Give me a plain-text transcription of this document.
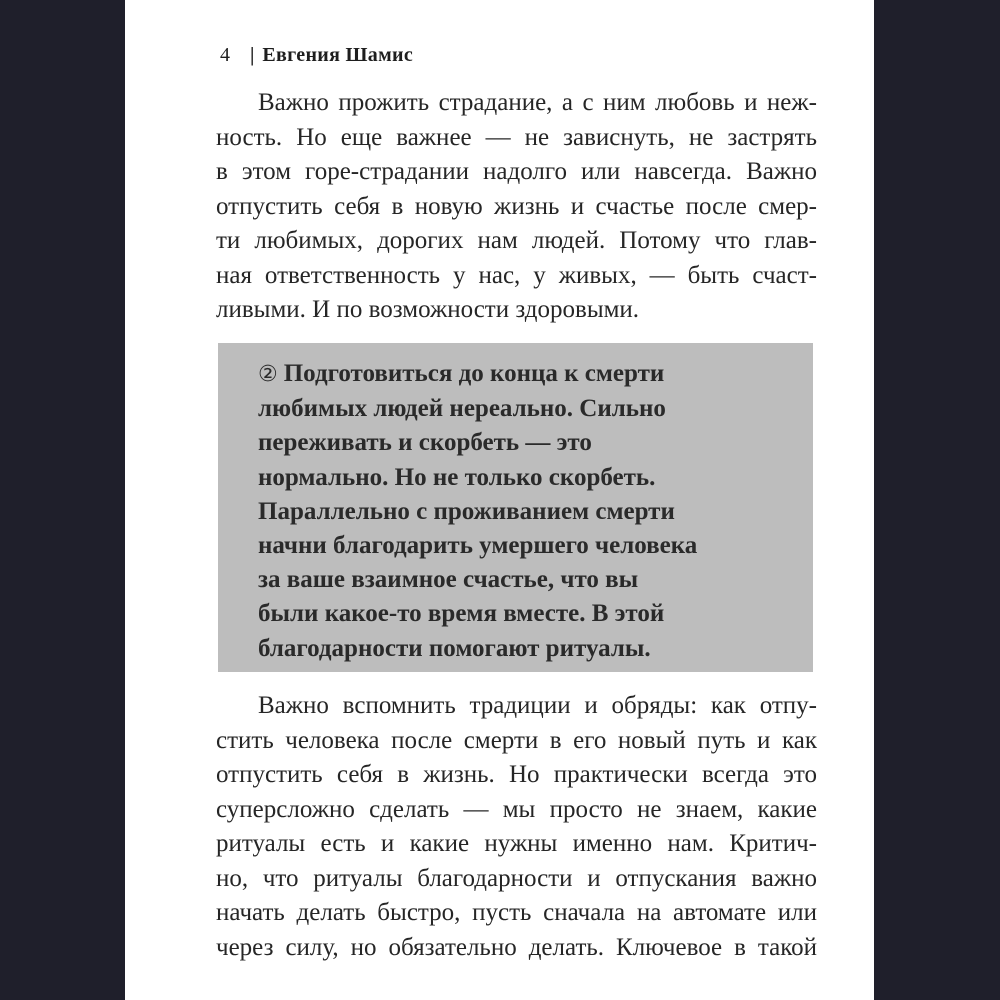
4 | Евгения Шамис

Важно прожить страдание, а с ним любовь и неж-
ность. Но еще важнее — не зависнуть, не застрять
в этом горе-страдании надолго или навсегда. Важно
отпустить себя в новую жизнь и счастье после смер-
ти любимых, дорогих нам людей. Потому что глав-
ная ответственность у нас, у живых, — быть счаст-
ливыми. И по возможности здоровыми.

② Подготовиться до конца к смерти
любимых людей нереально. Сильно
переживать и скорбеть — это
нормально. Но не только скорбеть.
Параллельно с проживанием смерти
начни благодарить умершего человека
за ваше взаимное счастье, что вы
были какое-то время вместе. В этой
благодарности помогают ритуалы.

Важно вспомнить традиции и обряды: как отпу-
стить человека после смерти в его новый путь и как
отпустить себя в жизнь. Но практически всегда это
суперсложно сделать — мы просто не знаем, какие
ритуалы есть и какие нужны именно нам. Критич-
но, что ритуалы благодарности и отпускания важно
начать делать быстро, пусть сначала на автомате или
через силу, но обязательно делать. Ключевое в такой
